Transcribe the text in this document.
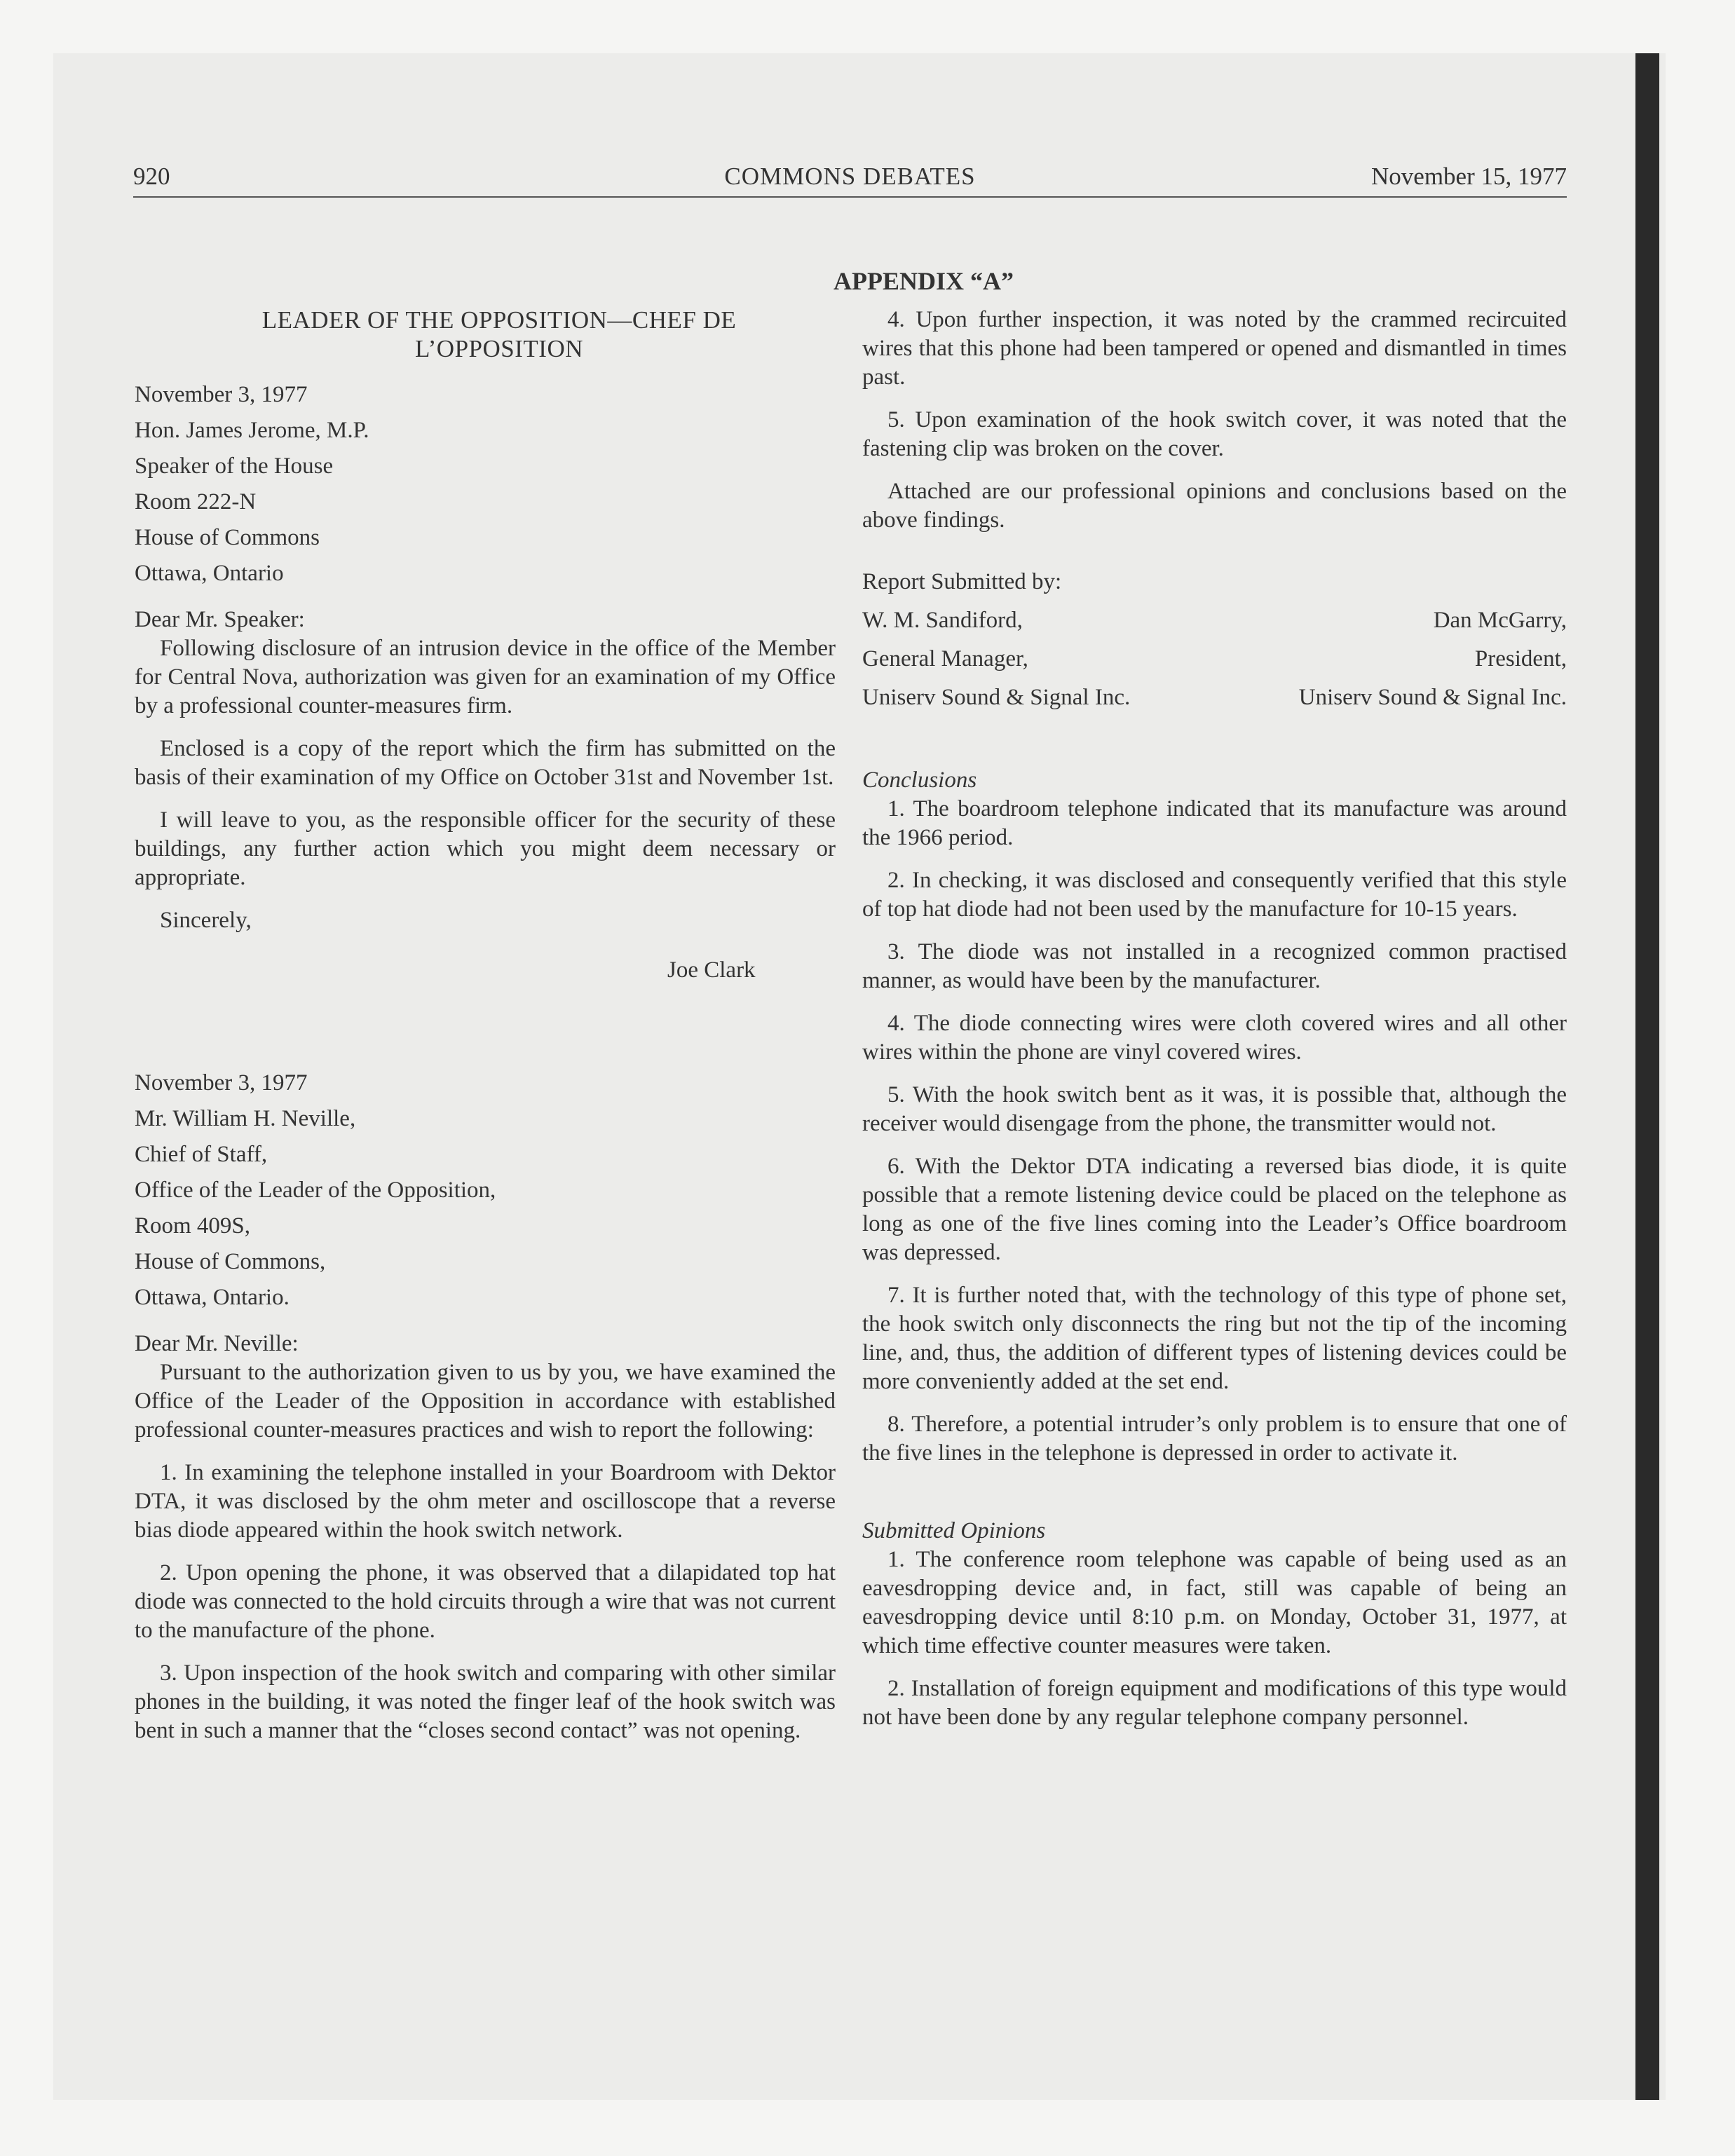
920	COMMONS DEBATES	November 15, 1977
APPENDIX “A”
LEADER OF THE OPPOSITION—CHEF DE
L’OPPOSITION
November 3, 1977
Hon. James Jerome, M.P.
Speaker of the House
Room 222-N
House of Commons
Ottawa, Ontario

Dear Mr. Speaker:

Following disclosure of an intrusion device in the office of the Member for Central Nova, authorization was given for an examination of my Office by a professional counter-measures firm.

Enclosed is a copy of the report which the firm has submitted on the basis of their examination of my Office on October 31st and November 1st.

I will leave to you, as the responsible officer for the security of these buildings, any further action which you might deem necessary or appropriate.

Sincerely,

Joe Clark

November 3, 1977
Mr. William H. Neville,
Chief of Staff,
Office of the Leader of the Opposition,
Room 409S,
House of Commons,
Ottawa, Ontario.

Dear Mr. Neville:

Pursuant to the authorization given to us by you, we have examined the Office of the Leader of the Opposition in accordance with established professional counter-measures practices and wish to report the following:

1. In examining the telephone installed in your Boardroom with Dektor DTA, it was disclosed by the ohm meter and oscilloscope that a reverse bias diode appeared within the hook switch network.

2. Upon opening the phone, it was observed that a dilapidated top hat diode was connected to the hold circuits through a wire that was not current to the manufacture of the phone.

3. Upon inspection of the hook switch and comparing with other similar phones in the building, it was noted the finger leaf of the hook switch was bent in such a manner that the “closes second contact” was not opening.

4. Upon further inspection, it was noted by the crammed recircuited wires that this phone had been tampered or opened and dismantled in times past.

5. Upon examination of the hook switch cover, it was noted that the fastening clip was broken on the cover.

Attached are our professional opinions and conclusions based on the above findings.

Report Submitted by:

W. M. Sandiford,	Dan McGarry,
General Manager,	President,
Uniserv Sound & Signal Inc.	Uniserv Sound & Signal Inc.

Conclusions

1. The boardroom telephone indicated that its manufacture was around the 1966 period.

2. In checking, it was disclosed and consequently verified that this style of top hat diode had not been used by the manufacture for 10-15 years.

3. The diode was not installed in a recognized common practised manner, as would have been by the manufacturer.

4. The diode connecting wires were cloth covered wires and all other wires within the phone are vinyl covered wires.

5. With the hook switch bent as it was, it is possible that, although the receiver would disengage from the phone, the transmitter would not.

6. With the Dektor DTA indicating a reversed bias diode, it is quite possible that a remote listening device could be placed on the telephone as long as one of the five lines coming into the Leader’s Office boardroom was depressed.

7. It is further noted that, with the technology of this type of phone set, the hook switch only disconnects the ring but not the tip of the incoming line, and, thus, the addition of different types of listening devices could be more conveniently added at the set end.

8. Therefore, a potential intruder’s only problem is to ensure that one of the five lines in the telephone is depressed in order to activate it.

Submitted Opinions

1. The conference room telephone was capable of being used as an eavesdropping device and, in fact, still was capable of being an eavesdropping device until 8:10 p.m. on Monday, October 31, 1977, at which time effective counter measures were taken.

2. Installation of foreign equipment and modifications of this type would not have been done by any regular telephone company personnel.
